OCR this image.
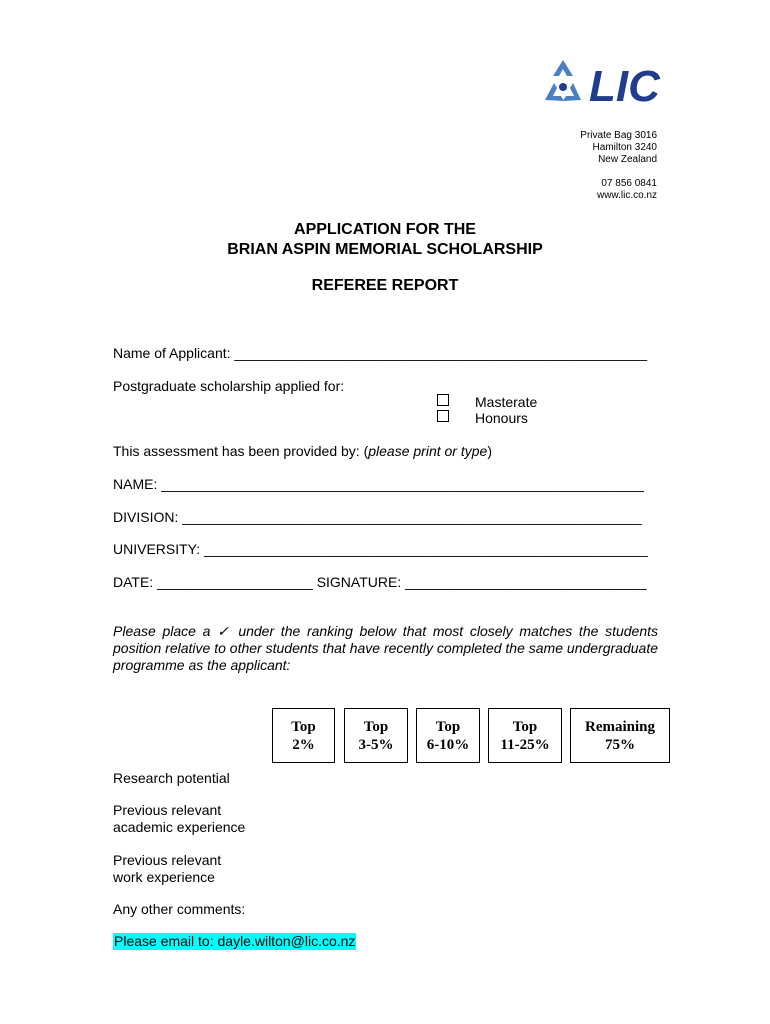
LIC
Private Bag 3016
Hamilton 3240
New Zealand
07 856 0841
www.lic.co.nz
APPLICATION FOR THE
BRIAN ASPIN MEMORIAL SCHOLARSHIP
REFEREE REPORT
Name of Applicant: _____________________________________________________
Postgraduate scholarship applied for:
Masterate
Honours
This assessment has been provided by: (please print or type)
NAME: ______________________________________________________________
DIVISION: ___________________________________________________________
UNIVERSITY: _________________________________________________________
DATE: ____________________ SIGNATURE: _______________________________
Please place a ✓ under the ranking below that most closely matches the students position relative to other students that have recently completed the same undergraduate programme as the applicant:
Top
2%
Top
3-5%
Top
6-10%
Top
11-25%
Remaining
75%
Research potential
Previous relevant
academic experience
Previous relevant
work experience
Any other comments:
Please email to: dayle.wilton@lic.co.nz
